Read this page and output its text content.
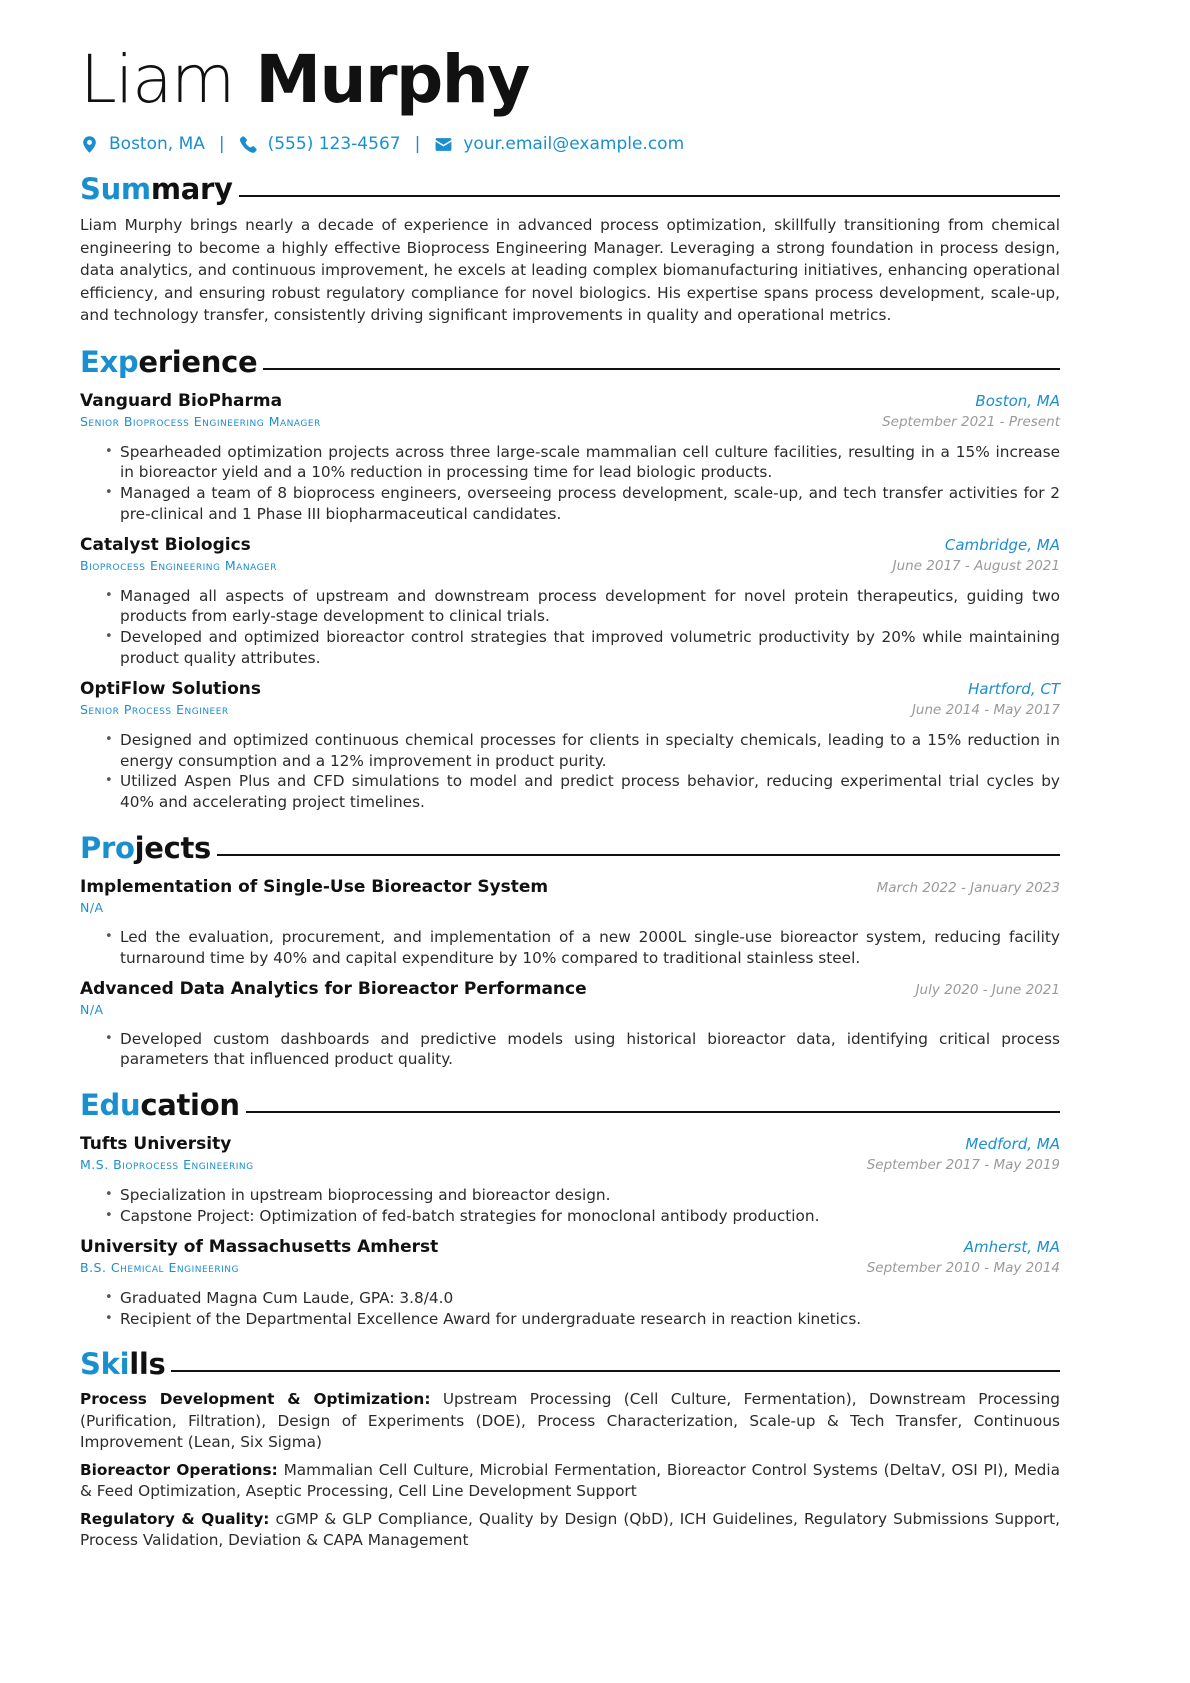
Liam Murphy
Boston, MA |	(555) 123-4567 |	your.email@example.com
Summary

Liam Murphy brings nearly a decade of experience in advanced process optimization, skillfully transitioning from chemical engineering to become a highly effective Bioprocess Engineering Manager. Leveraging a strong foundation in process design, data analytics, and continuous improvement, he excels at leading complex biomanufacturing initiatives, enhancing operational efficiency, and ensuring robust regulatory compliance for novel biologics. His expertise spans process development, scale-up, and technology transfer, consistently driving significant improvements in quality and operational metrics.

Experience
Vanguard BioPharma	Boston, MA
Senior Bioprocess Engineering Manager	September 2021 - Present
• Spearheaded optimization projects across three large-scale mammalian cell culture facilities, resulting in a 15% increase in bioreactor yield and a 10% reduction in processing time for lead biologic products.
• Managed a team of 8 bioprocess engineers, overseeing process development, scale-up, and tech transfer activities for 2 pre-clinical and 1 Phase III biopharmaceutical candidates.
Catalyst Biologics	Cambridge, MA
Bioprocess Engineering Manager	June 2017 - August 2021
• Managed all aspects of upstream and downstream process development for novel protein therapeutics, guiding two products from early-stage development to clinical trials.
• Developed and optimized bioreactor control strategies that improved volumetric productivity by 20% while maintaining product quality attributes.
OptiFlow Solutions	Hartford, CT
Senior Process Engineer	June 2014 - May 2017
• Designed and optimized continuous chemical processes for clients in specialty chemicals, leading to a 15% reduction in energy consumption and a 12% improvement in product purity.
• Utilized Aspen Plus and CFD simulations to model and predict process behavior, reducing experimental trial cycles by 40% and accelerating project timelines.
Projects
Implementation of Single-Use Bioreactor System	March 2022 - January 2023
N/A
• Led the evaluation, procurement, and implementation of a new 2000L single-use bioreactor system, reducing facility turnaround time by 40% and capital expenditure by 10% compared to traditional stainless steel.
Advanced Data Analytics for Bioreactor Performance	July 2020 - June 2021
N/A
• Developed custom dashboards and predictive models using historical bioreactor data, identifying critical process parameters that influenced product quality.
Education
Tufts University	Medford, MA
M.S. Bioprocess Engineering	September 2017 - May 2019
• Specialization in upstream bioprocessing and bioreactor design.
• Capstone Project: Optimization of fed-batch strategies for monoclonal antibody production.
University of Massachusetts Amherst	Amherst, MA
B.S. Chemical Engineering	September 2010 - May 2014
• Graduated Magna Cum Laude, GPA: 3.8/4.0
• Recipient of the Departmental Excellence Award for undergraduate research in reaction kinetics.
Skills

Process Development & Optimization: Upstream Processing (Cell Culture, Fermentation), Downstream Processing (Purification, Filtration), Design of Experiments (DOE), Process Characterization, Scale-up & Tech Transfer, Continuous Improvement (Lean, Six Sigma)

Bioreactor Operations: Mammalian Cell Culture, Microbial Fermentation, Bioreactor Control Systems (DeltaV, OSI PI), Media & Feed Optimization, Aseptic Processing, Cell Line Development Support

Regulatory & Quality: cGMP & GLP Compliance, Quality by Design (QbD), ICH Guidelines, Regulatory Submissions Support, Process Validation, Deviation & CAPA Management
